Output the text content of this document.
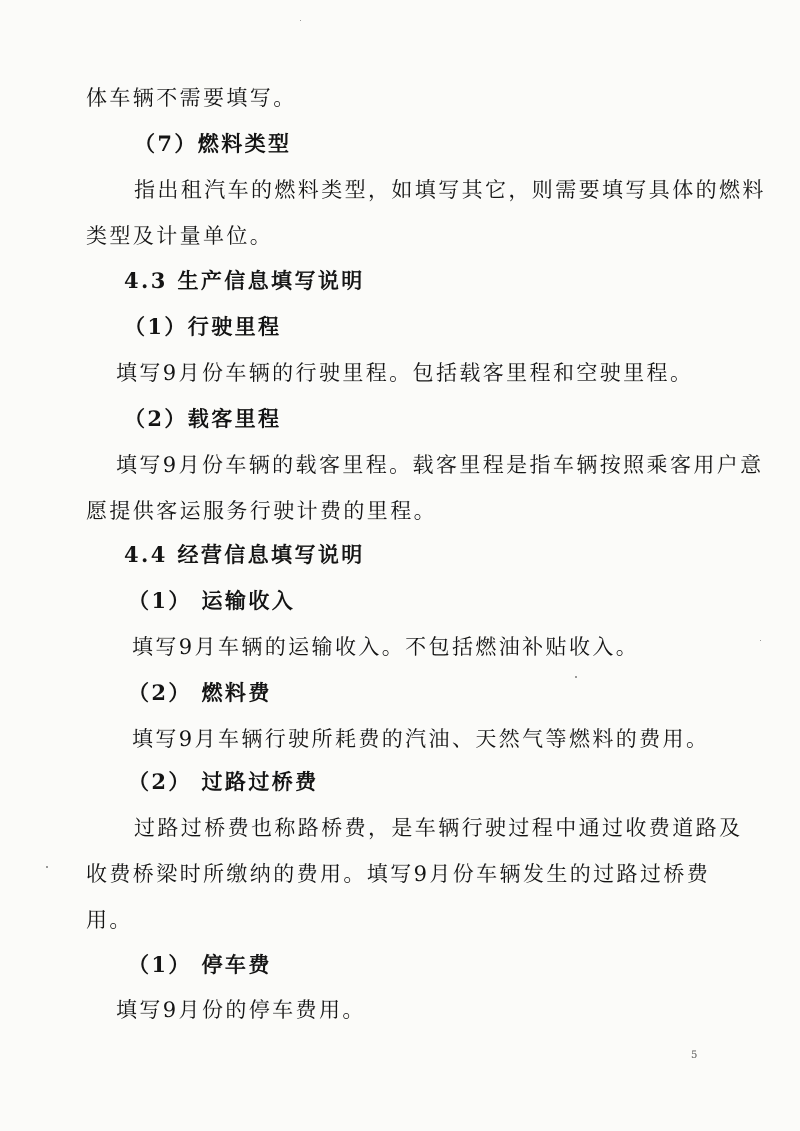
体车辆不需要填写。
（7）燃料类型
指出租汽车的燃料类型，如填写其它，则需要填写具体的燃料
类型及计量单位。
4.3 生产信息填写说明
（1）行驶里程
填写9月份车辆的行驶里程。包括载客里程和空驶里程。
（2）载客里程
填写9月份车辆的载客里程。载客里程是指车辆按照乘客用户意
愿提供客运服务行驶计费的里程。
4.4 经营信息填写说明
（1） 运输收入
填写9月车辆的运输收入。不包括燃油补贴收入。
（2） 燃料费
填写9月车辆行驶所耗费的汽油、天然气等燃料的费用。
（2） 过路过桥费
过路过桥费也称路桥费，是车辆行驶过程中通过收费道路及
收费桥梁时所缴纳的费用。填写9月份车辆发生的过路过桥费
用。
（1） 停车费
填写9月份的停车费用。
5
